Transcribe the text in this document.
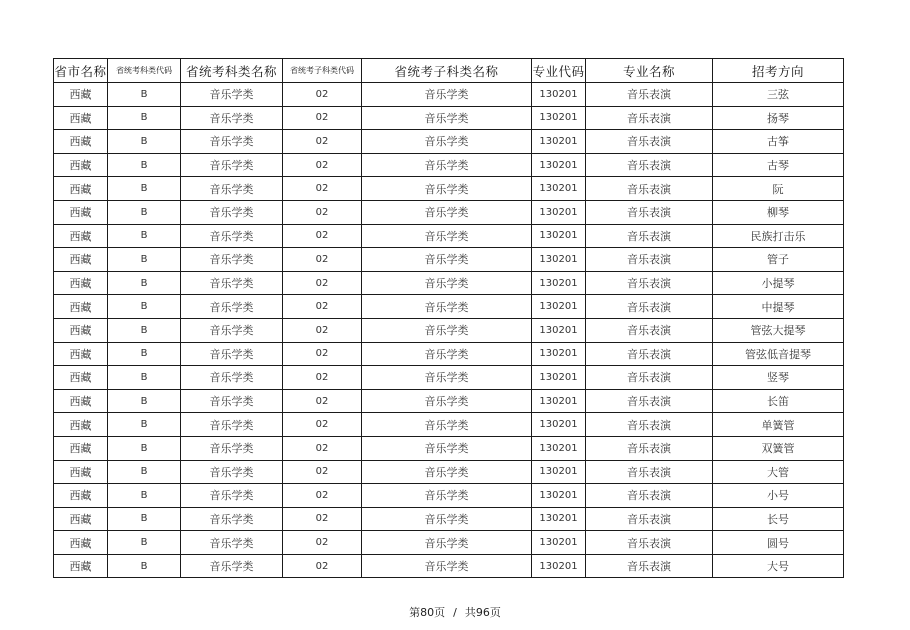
省市名称	省统考科类代码	省统考科类名称	省统考子科类代码	省统考子科类名称	专业代码	专业名称	招考方向
西藏	B	音乐学类	02	音乐学类	130201	音乐表演	三弦
西藏	B	音乐学类	02	音乐学类	130201	音乐表演	扬琴
西藏	B	音乐学类	02	音乐学类	130201	音乐表演	古筝
西藏	B	音乐学类	02	音乐学类	130201	音乐表演	古琴
西藏	B	音乐学类	02	音乐学类	130201	音乐表演	阮
西藏	B	音乐学类	02	音乐学类	130201	音乐表演	柳琴
西藏	B	音乐学类	02	音乐学类	130201	音乐表演	民族打击乐
西藏	B	音乐学类	02	音乐学类	130201	音乐表演	管子
西藏	B	音乐学类	02	音乐学类	130201	音乐表演	小提琴
西藏	B	音乐学类	02	音乐学类	130201	音乐表演	中提琴
西藏	B	音乐学类	02	音乐学类	130201	音乐表演	管弦大提琴
西藏	B	音乐学类	02	音乐学类	130201	音乐表演	管弦低音提琴
西藏	B	音乐学类	02	音乐学类	130201	音乐表演	竖琴
西藏	B	音乐学类	02	音乐学类	130201	音乐表演	长笛
西藏	B	音乐学类	02	音乐学类	130201	音乐表演	单簧管
西藏	B	音乐学类	02	音乐学类	130201	音乐表演	双簧管
西藏	B	音乐学类	02	音乐学类	130201	音乐表演	大管
西藏	B	音乐学类	02	音乐学类	130201	音乐表演	小号
西藏	B	音乐学类	02	音乐学类	130201	音乐表演	长号
西藏	B	音乐学类	02	音乐学类	130201	音乐表演	圆号
西藏	B	音乐学类	02	音乐学类	130201	音乐表演	大号
第80页 / 共96页
